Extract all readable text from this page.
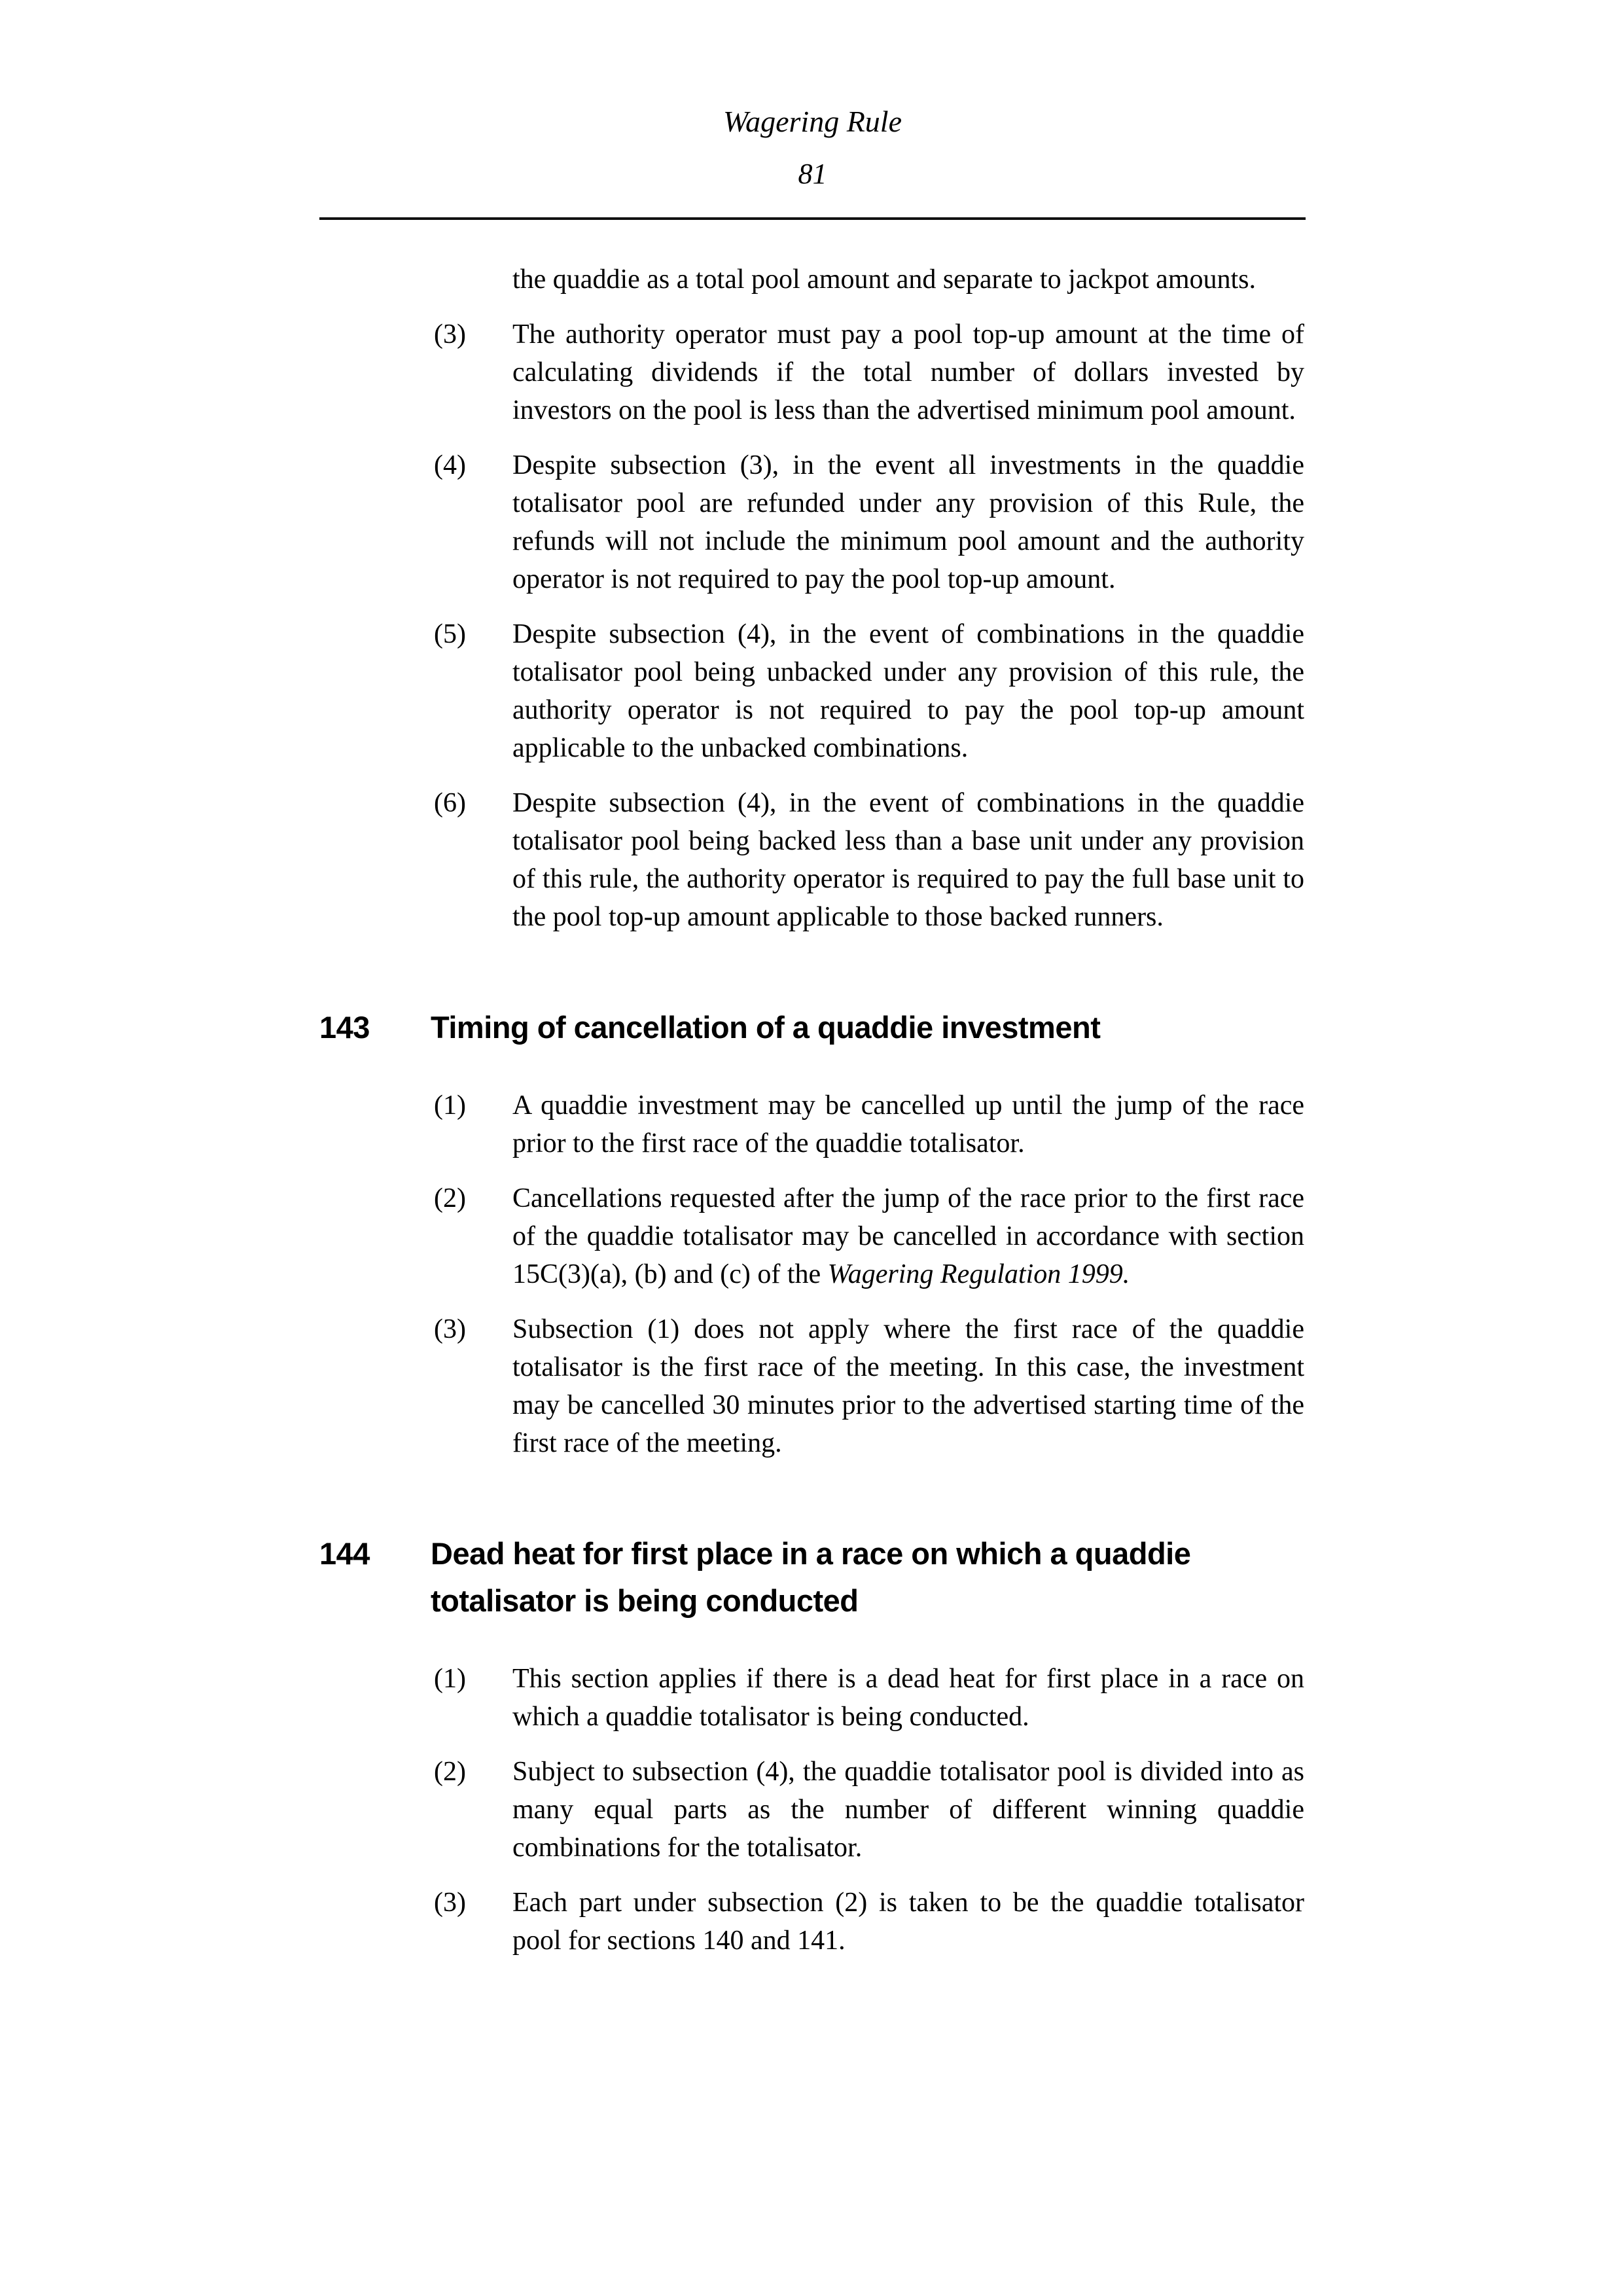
Wagering Rule
81

the quaddie as a total pool amount and separate to jackpot amounts.

(3)	The authority operator must pay a pool top-up amount at the time of calculating dividends if the total number of dollars invested by investors on the pool is less than the advertised minimum pool amount.
(4)	Despite subsection (3), in the event all investments in the quaddie totalisator pool are refunded under any provision of this Rule, the refunds will not include the minimum pool amount and the authority operator is not required to pay the pool top-up amount.
(5)	Despite subsection (4), in the event of combinations in the quaddie totalisator pool being unbacked under any provision of this rule, the authority operator is not required to pay the pool top-up amount applicable to the unbacked combinations.
(6)	Despite subsection (4), in the event of combinations in the quaddie totalisator pool being backed less than a base unit under any provision of this rule, the authority operator is required to pay the full base unit to the pool top-up amount applicable to those backed runners.
143	Timing of cancellation of a quaddie investment
(1)	A quaddie investment may be cancelled up until the jump of the race prior to the first race of the quaddie totalisator.
(2)	Cancellations requested after the jump of the race prior to the first race of the quaddie totalisator may be cancelled in accordance with section 15C(3)(a), (b) and (c) of the Wagering Regulation 1999.
(3)	Subsection (1) does not apply where the first race of the quaddie totalisator is the first race of the meeting. In this case, the investment may be cancelled 30 minutes prior to the advertised starting time of the first race of the meeting.
144	Dead heat for first place in a race on which a quaddie totalisator is being conducted
(1)	This section applies if there is a dead heat for first place in a race on which a quaddie totalisator is being conducted.
(2)	Subject to subsection (4), the quaddie totalisator pool is divided into as many equal parts as the number of different winning quaddie combinations for the totalisator.
(3)	Each part under subsection (2) is taken to be the quaddie totalisator pool for sections 140 and 141.
